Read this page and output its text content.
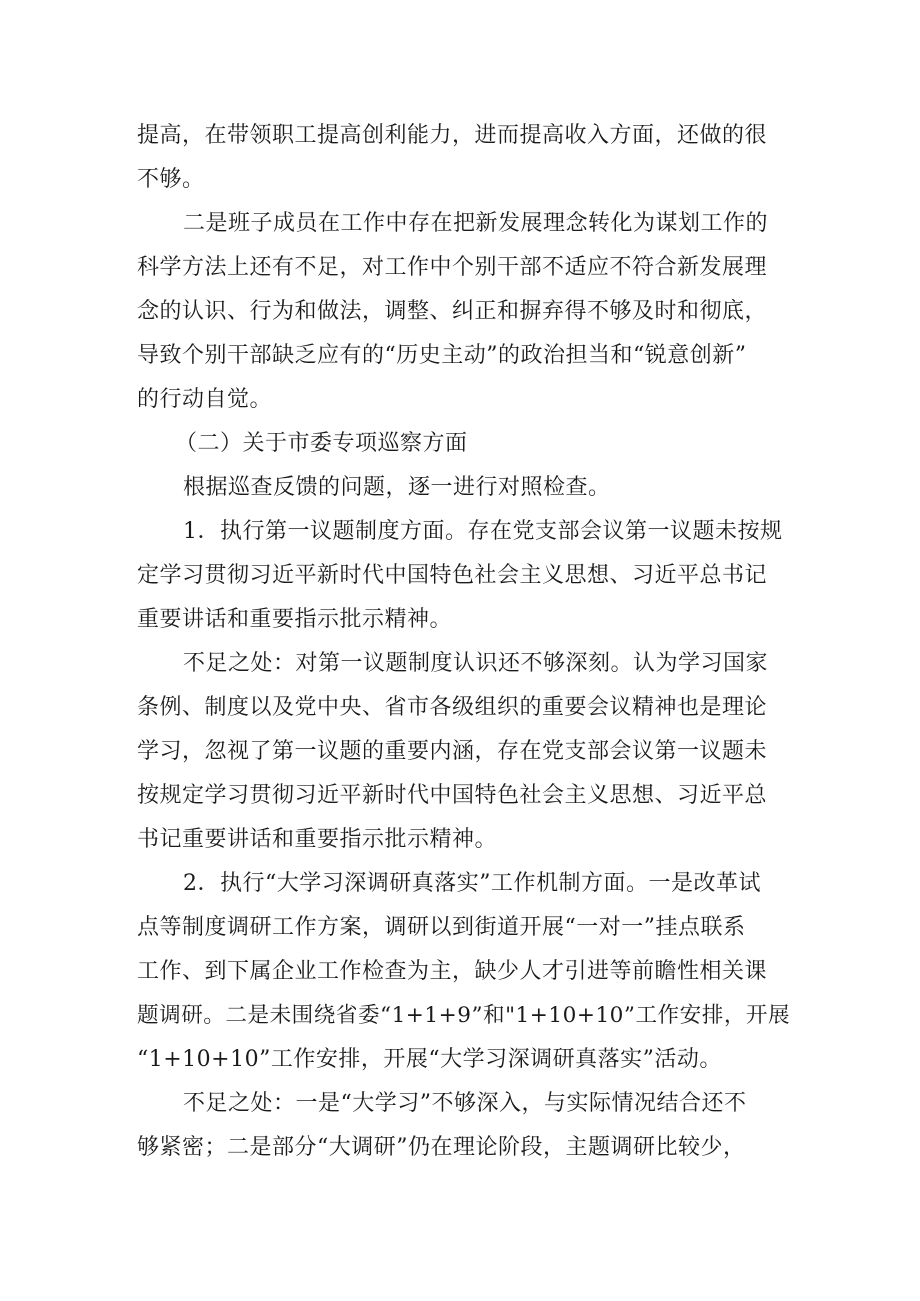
提高，在带领职工提高创利能力，进而提高收入方面，还做的很

不够。

二是班子成员在工作中存在把新发展理念转化为谋划工作的

科学方法上还有不足，对工作中个别干部不适应不符合新发展理

念的认识、行为和做法，调整、纠正和摒弃得不够及时和彻底，

导致个别干部缺乏应有的“历史主动”的政治担当和“锐意创新”

的行动自觉。

（二）关于市委专项巡察方面

根据巡查反馈的问题，逐一进行对照检查。

1．执行第一议题制度方面。存在党支部会议第一议题未按规

定学习贯彻习近平新时代中国特色社会主义思想、习近平总书记

重要讲话和重要指示批示精神。

不足之处：对第一议题制度认识还不够深刻。认为学习国家

条例、制度以及党中央、省市各级组织的重要会议精神也是理论

学习，忽视了第一议题的重要内涵，存在党支部会议第一议题未

按规定学习贯彻习近平新时代中国特色社会主义思想、习近平总

书记重要讲话和重要指示批示精神。

2．执行“大学习深调研真落实”工作机制方面。一是改革试

点等制度调研工作方案，调研以到街道开展“一对一”挂点联系

工作、到下属企业工作检查为主，缺少人才引进等前瞻性相关课

题调研。二是未围绕省委“1+1+9”和"1+10+10”工作安排，开展

“1+10+10”工作安排，开展“大学习深调研真落实”活动。

不足之处：一是“大学习”不够深入，与实际情况结合还不

够紧密；二是部分“大调研”仍在理论阶段，主题调研比较少，
